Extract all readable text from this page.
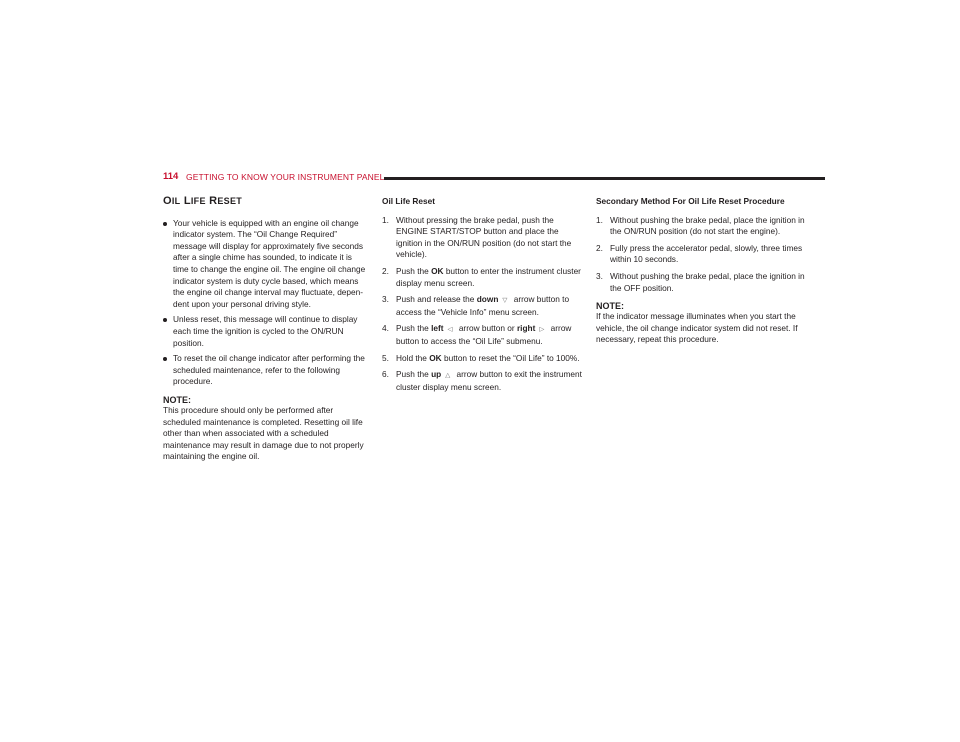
114 GETTING TO KNOW YOUR INSTRUMENT PANEL
OIL LIFE RESET
Your vehicle is equipped with an engine oil change indicator system. The “Oil Change Required” message will display for approximately five seconds after a single chime has sounded, to indicate it is time to change the engine oil. The engine oil change indicator system is duty cycle based, which means the engine oil change interval may fluctuate, dependent upon your personal driving style.
Unless reset, this message will continue to display each time the ignition is cycled to the ON/RUN position.
To reset the oil change indicator after performing the scheduled maintenance, refer to the following procedure.
NOTE:

This procedure should only be performed after scheduled maintenance is completed. Resetting oil life other than when associated with a scheduled maintenance may result in damage due to not properly maintaining the engine oil.

Oil Life Reset
1. Without pressing the brake pedal, push the ENGINE START/STOP button and place the ignition in the ON/RUN position (do not start the vehicle).
2. Push the OK button to enter the instrument cluster display menu screen.
3. Push and release the down ▽ arrow button to access the “Vehicle Info” menu screen.
4. Push the left ◁ arrow button or right ▷ arrow button to access the “Oil Life” submenu.
5. Hold the OK button to reset the “Oil Life” to 100%.
6. Push the up △ arrow button to exit the instrument cluster display menu screen.
Secondary Method For Oil Life Reset Procedure
1. Without pushing the brake pedal, place the ignition in the ON/RUN position (do not start the engine).
2. Fully press the accelerator pedal, slowly, three times within 10 seconds.
3. Without pushing the brake pedal, place the ignition in the OFF position.
NOTE:

If the indicator message illuminates when you start the vehicle, the oil change indicator system did not reset. If necessary, repeat this procedure.
